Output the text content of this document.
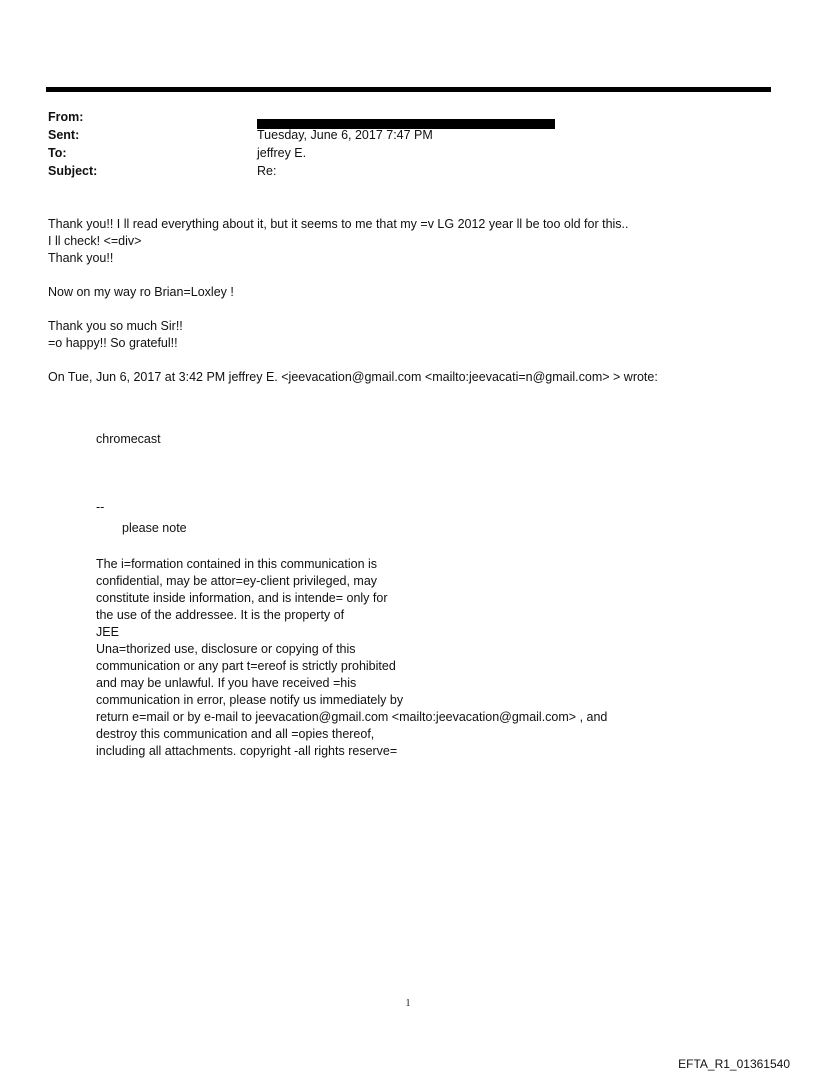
From:
Sent:	Tuesday, June 6, 2017 7:47 PM
To:	jeffrey E.
Subject:	Re:

Thank you!! I ll read everything about it, but it seems to me that my =v LG 2012 year ll be too old for this..

I ll check! <=div>

Thank you!!

Now on my way ro Brian=Loxley !

Thank you so much Sir!!

=o happy!! So grateful!!

On Tue, Jun 6, 2017 at 3:42 PM jeffrey E. <jeevacation@gmail.com <mailto:jeevacati=n@gmail.com> > wrote:

chromecast

--

please note

The i=formation contained in this communication is

confidential, may be attor=ey-client privileged, may

constitute inside information, and is intende= only for

the use of the addressee. It is the property of

JEE

Una=thorized use, disclosure or copying of this

communication or any part t=ereof is strictly prohibited

and may be unlawful. If you have received =his

communication in error, please notify us immediately by

return e=mail or by e-mail to jeevacation@gmail.com <mailto:jeevacation@gmail.com> , and

destroy this communication and all =opies thereof,

including all attachments. copyright -all rights reserve=

1
EFTA_R1_01361540
